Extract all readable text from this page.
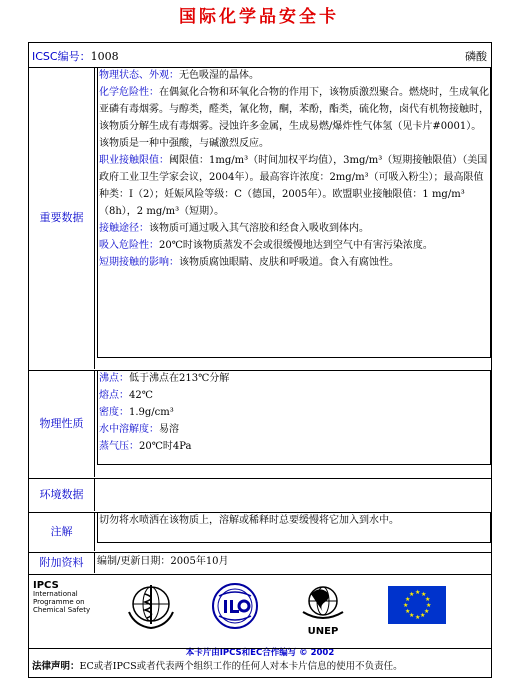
国际化学品安全卡
ICSC编号：1008	磷酸
重要数据

物理状态、外观：无色吸湿的晶体。

化学危险性：在偶氮化合物和环氧化合物的作用下，该物质激烈聚合。燃烧时，生成氧化亚磷有毒烟雾。与醇类，醛类，氰化物，酮，苯酚，酯类，硫化物，卤代有机物接触时，该物质分解生成有毒烟雾。浸蚀许多金属，生成易燃/爆炸性气体氢（见卡片#0001）。该物质是一种中强酸，与碱激烈反应。

职业接触限值：阈限值：1mg/m³（时间加权平均值），3mg/m³（短期接触限值）（美国政府工业卫生学家会议，2004年）。最高容许浓度：2mg/m³（可吸入粉尘）；最高限值种类：I（2）；妊娠风险等级：C（德国，2005年）。欧盟职业接触限值：1 mg/m³（8h），2 mg/m³（短期）。

接触途径：该物质可通过吸入其气溶胶和经食入吸收到体内。

吸入危险性：20℃时该物质蒸发不会或很缓慢地达到空气中有害污染浓度。

短期接触的影响：该物质腐蚀眼睛、皮肤和呼吸道。食入有腐蚀性。

物理性质

沸点：低于沸点在213℃分解

熔点：42℃

密度：1.9g/cm³

水中溶解度：易溶

蒸气压：20℃时4Pa

环境数据
注解
切勿将水喷洒在该物质上，溶解或稀释时总要缓慢将它加入到水中。
附加资料	编制/更新日期：2005年10月
IPCS
International
Programme on
Chemical Safety
UNEP
★ ★
★
★
★
★
★
★
★
★
★
★
本卡片由IPCS和EC合作编写 © 2002
法律声明：EC或者IPCS或者代表两个组织工作的任何人对本卡片信息的使用不负责任。
